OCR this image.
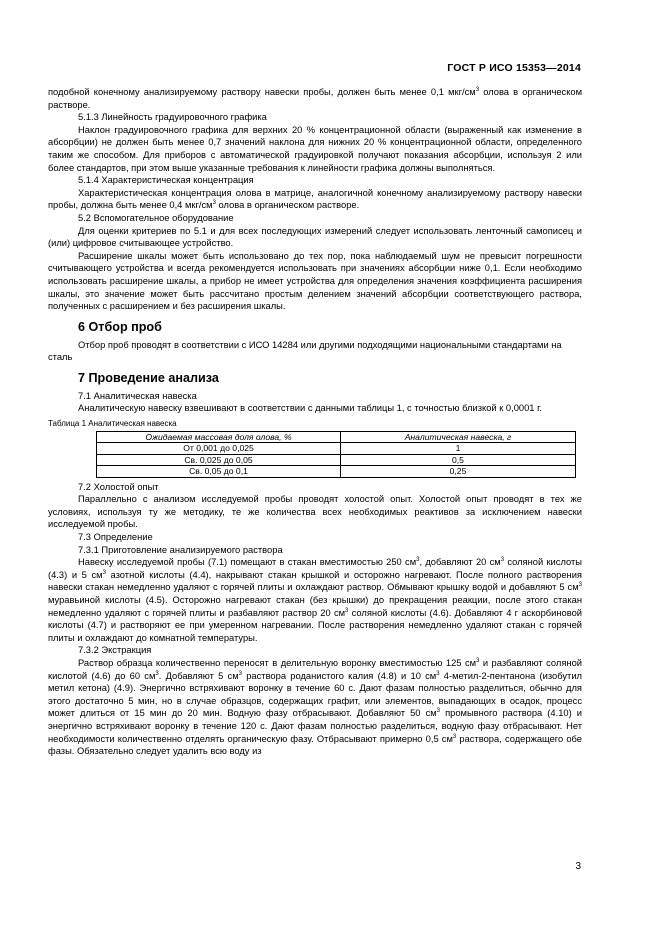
ГОСТ Р ИСО 15353—2014

подобной конечному анализируемому раствору навески пробы, должен быть менее 0,1 мкг/$см^3$ олова в органическом растворе.

5.1.3 Линейность градуировочного графика

Наклон градуировочного графика для верхних 20 % концентрационной области (выраженный как изменение в абсорбции) не должен быть менее 0,7 значений наклона для нижних 20 % концентрационной области, определенного таким же способом. Для приборов с автоматической градуировкой получают показания абсорбции, используя 2 или более стандартов, при этом выше указанные требования к линейности графика должны выполняться.

5.1.4 Характеристическая концентрация

Характеристическая концентрация олова в матрице, аналогичной конечному анализируемому раствору навески пробы, должна быть менее 0,4 мкг/$см^3$ олова в органическом растворе.

5.2 Вспомогательное оборудование

Для оценки критериев по 5.1 и для всех последующих измерений следует использовать ленточный самописец и (или) цифровое считывающее устройство.

Расширение шкалы может быть использовано до тех пор, пока наблюдаемый шум не превысит погрешности считывающего устройства и всегда рекомендуется использовать при значениях абсорбции ниже 0,1. Если необходимо использовать расширение шкалы, а прибор не имеет устройства для определения значения коэффициента расширения шкалы, это значение может быть рассчитано простым делением значений абсорбции соответствующего раствора, полученных с расширением и без расширения шкалы.

6 Отбор проб

Отбор проб проводят в соответствии с ИСО 14284 или другими подходящими национальными стандартами на сталь

7 Проведение анализа

7.1 Аналитическая навеска

Аналитическую навеску взвешивают в соответствии с данными таблицы 1, с точностью близкой к 0,0001 г.

Таблица 1 Аналитическая навеска

Ожидаемая массовая доля олова, %	Аналитическая навеска, г
От 0,001 до 0,025	1
Св. 0,025 до 0,05	0,5
Св. 0,05 до 0,1	0,25

7.2 Холостой опыт

Параллельно с анализом исследуемой пробы проводят холостой опыт. Холостой опыт проводят в тех же условиях, используя ту же методику, те же количества всех необходимых реактивов за исключением навески исследуемой пробы.

7.3 Определение

7.3.1 Приготовление анализируемого раствора

Навеску исследуемой пробы (7.1) помещают в стакан вместимостью 250 $см^3$, добавляют 20 $см^3$ соляной кислоты (4.3) и 5 $см^3$ азотной кислоты (4.4), накрывают стакан крышкой и осторожно нагревают. После полного растворения навески стакан немедленно удаляют с горячей плиты и охлаждают раствор. Обмывают крышку водой и добавляют 5 $см^3$ муравьиной кислоты (4.5). Осторожно нагревают стакан (без крышки) до прекращения реакции, после этого стакан немедленно удаляют с горячей плиты и разбавляют раствор 20 $см^3$ соляной кислоты (4.6). Добавляют 4 г аскорбиновой кислоты (4.7) и растворяют ее при умеренном нагревании. После растворения немедленно удаляют стакан с горячей плиты и охлаждают до комнатной температуры.

7.3.2 Экстракция

Раствор образца количественно переносят в делительную воронку вместимостью 125 $см^3$ и разбавляют соляной кислотой (4.6) до 60 $см^3$. Добавляют 5 $см^3$ раствора роданистого калия (4.8) и 10 $см^3$ 4-метил-2-пентанона (изобутил метил кетона) (4.9). Энергично встряхивают воронку в течение 60 с. Дают фазам полностью разделиться, обычно для этого достаточно 5 мин, но в случае образцов, содержащих графит, или элементов, выпадающих в осадок, процесс может длиться от 15 мин до 20 мин. Водную фазу отбрасывают. Добавляют 50 $см^3$ промывного раствора (4.10) и энергично встряхивают воронку в течение 120 с. Дают фазам полностью разделиться, водную фазу отбрасывают. Нет необходимости количественно отделять органическую фазу. Отбрасывают примерно 0,5 $см^3$ раствора, содержащего обе фазы. Обязательно следует удалить всю воду из

3
